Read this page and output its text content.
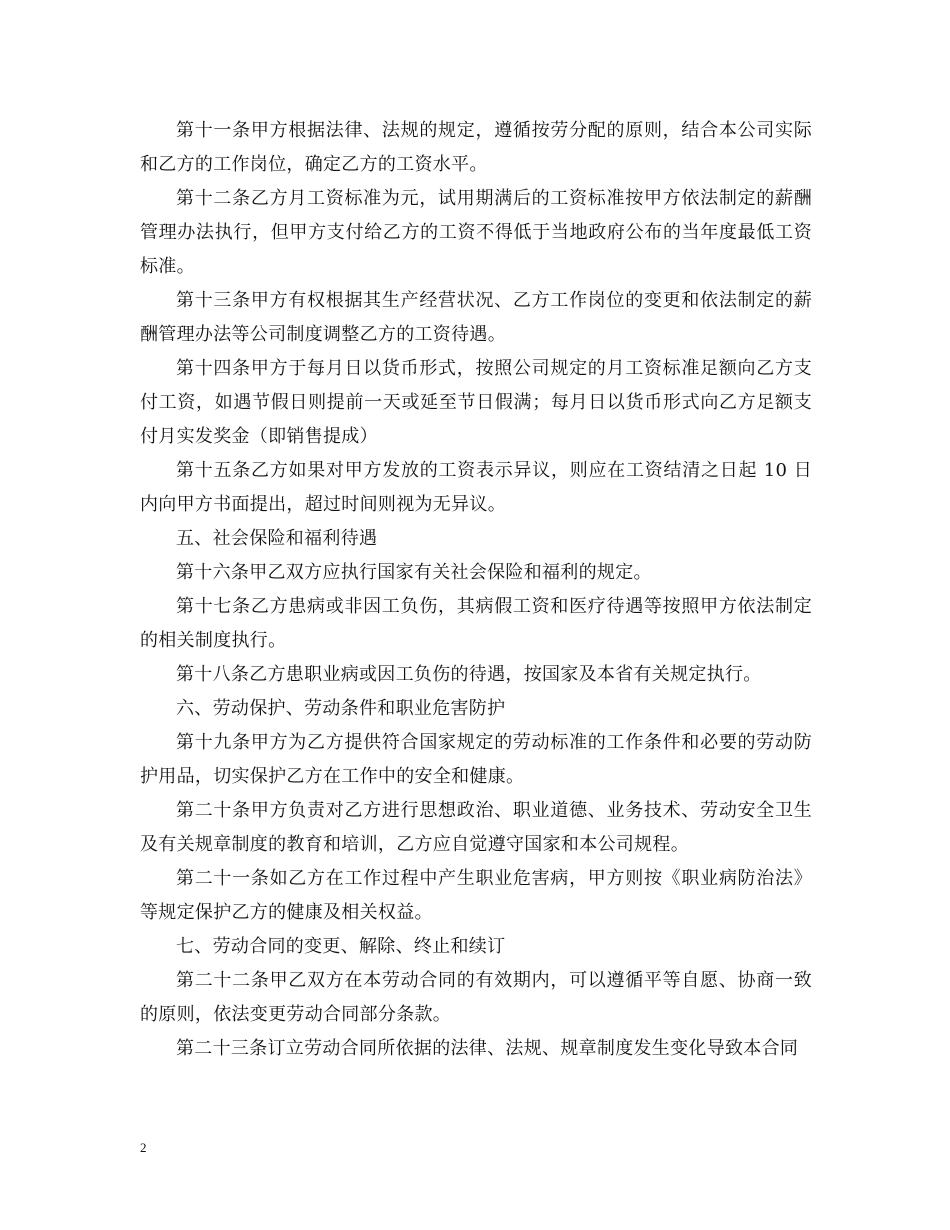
第十一条甲方根据法律、法规的规定，遵循按劳分配的原则，结合本公司实际和乙方的工作岗位，确定乙方的工资水平。

第十二条乙方月工资标准为元，试用期满后的工资标准按甲方依法制定的薪酬管理办法执行，但甲方支付给乙方的工资不得低于当地政府公布的当年度最低工资标准。

第十三条甲方有权根据其生产经营状况、乙方工作岗位的变更和依法制定的薪酬管理办法等公司制度调整乙方的工资待遇。

第十四条甲方于每月日以货币形式，按照公司规定的月工资标准足额向乙方支付工资，如遇节假日则提前一天或延至节日假满；每月日以货币形式向乙方足额支付月实发奖金（即销售提成）

第十五条乙方如果对甲方发放的工资表示异议，则应在工资结清之日起 10 日内向甲方书面提出，超过时间则视为无异议。

五、社会保险和福利待遇

第十六条甲乙双方应执行国家有关社会保险和福利的规定。

第十七条乙方患病或非因工负伤，其病假工资和医疗待遇等按照甲方依法制定的相关制度执行。

第十八条乙方患职业病或因工负伤的待遇，按国家及本省有关规定执行。

六、劳动保护、劳动条件和职业危害防护

第十九条甲方为乙方提供符合国家规定的劳动标准的工作条件和必要的劳动防护用品，切实保护乙方在工作中的安全和健康。

第二十条甲方负责对乙方进行思想政治、职业道德、业务技术、劳动安全卫生及有关规章制度的教育和培训，乙方应自觉遵守国家和本公司规程。

第二十一条如乙方在工作过程中产生职业危害病，甲方则按《职业病防治法》等规定保护乙方的健康及相关权益。

七、劳动合同的变更、解除、终止和续订

第二十二条甲乙双方在本劳动合同的有效期内，可以遵循平等自愿、协商一致的原则，依法变更劳动合同部分条款。

第二十三条订立劳动合同所依据的法律、法规、规章制度发生变化导致本合同

2
